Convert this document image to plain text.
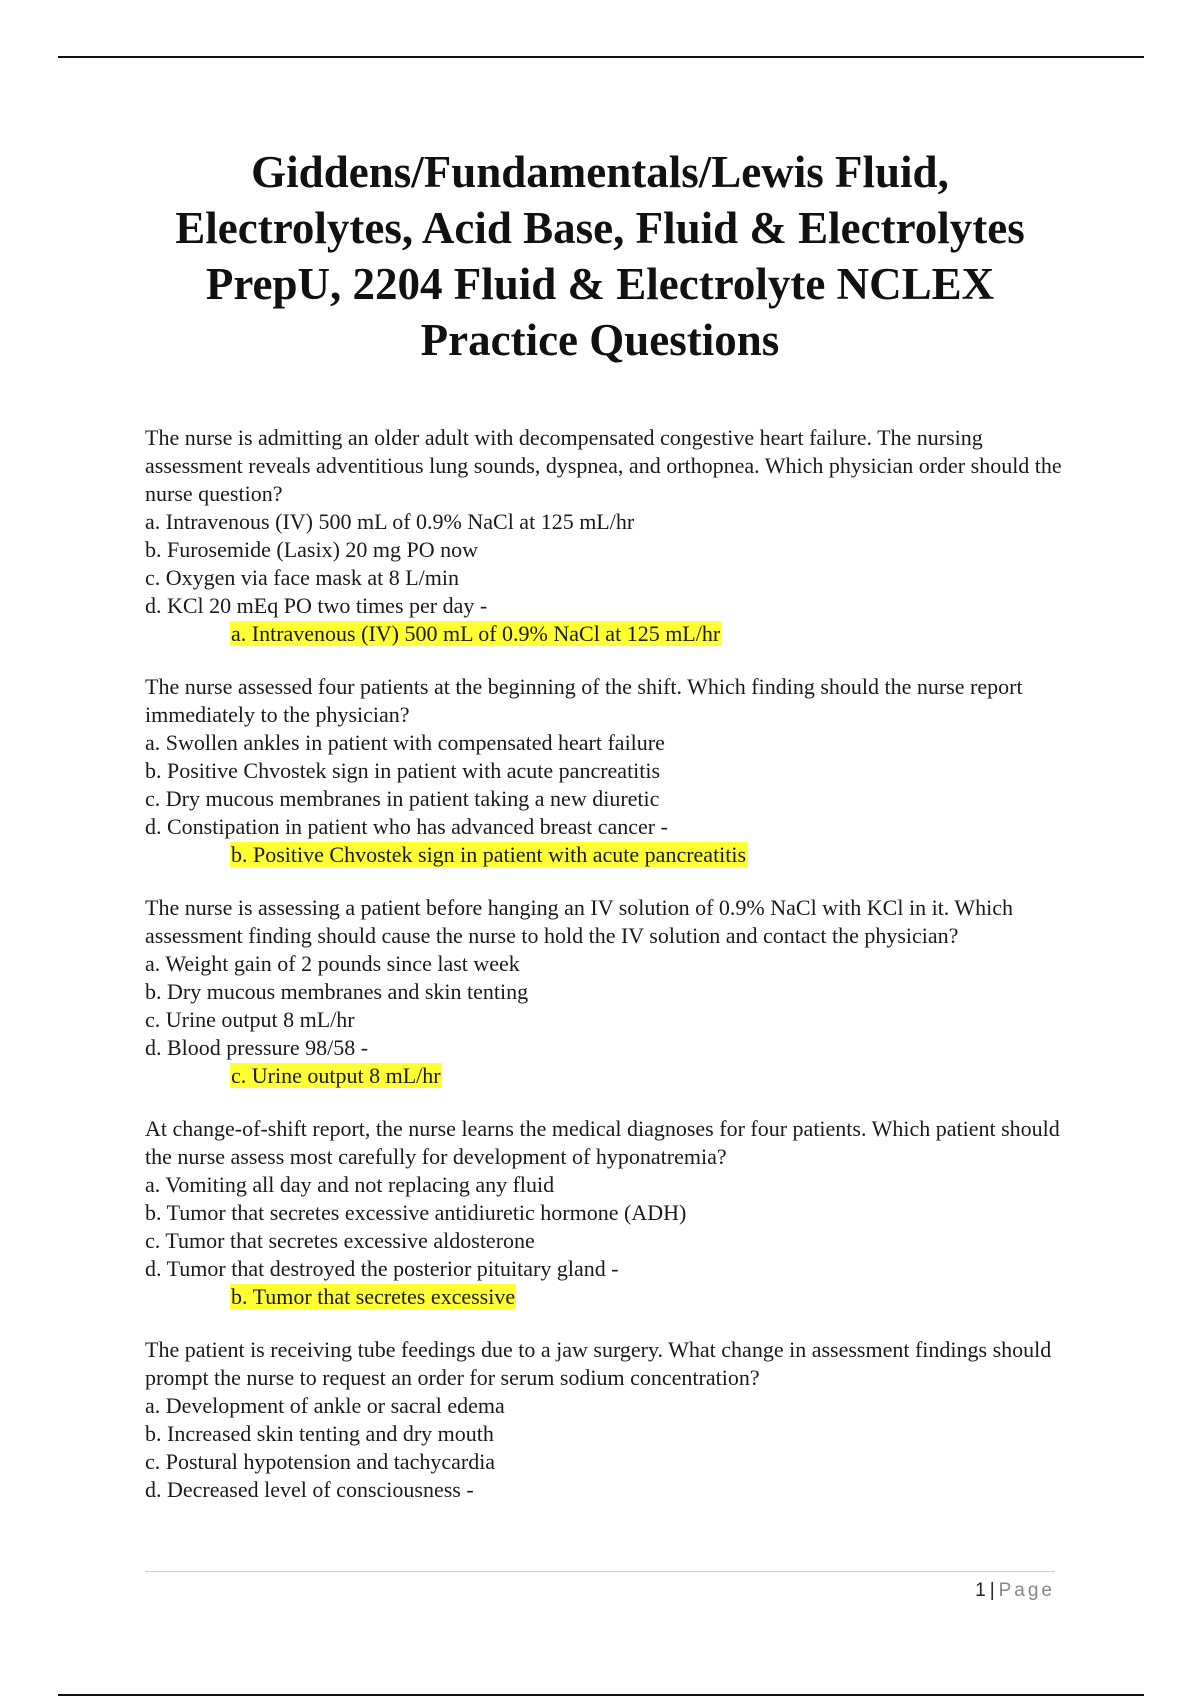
Giddens/Fundamentals/Lewis Fluid, Electrolytes, Acid Base, Fluid & Electrolytes PrepU, 2204 Fluid & Electrolyte NCLEX Practice Questions

The nurse is admitting an older adult with decompensated congestive heart failure. The nursing assessment reveals adventitious lung sounds, dyspnea, and orthopnea. Which physician order should the nurse question?

a. Intravenous (IV) 500 mL of 0.9% NaCl at 125 mL/hr
b. Furosemide (Lasix) 20 mg PO now
c. Oxygen via face mask at 8 L/min
d. KCl 20 mEq PO two times per day -
a. Intravenous (IV) 500 mL of 0.9% NaCl at 125 mL/hr

The nurse assessed four patients at the beginning of the shift. Which finding should the nurse report immediately to the physician?

a. Swollen ankles in patient with compensated heart failure
b. Positive Chvostek sign in patient with acute pancreatitis
c. Dry mucous membranes in patient taking a new diuretic
d. Constipation in patient who has advanced breast cancer -
b. Positive Chvostek sign in patient with acute pancreatitis

The nurse is assessing a patient before hanging an IV solution of 0.9% NaCl with KCl in it. Which assessment finding should cause the nurse to hold the IV solution and contact the physician?

a. Weight gain of 2 pounds since last week
b. Dry mucous membranes and skin tenting
c. Urine output 8 mL/hr
d. Blood pressure 98/58 -
c. Urine output 8 mL/hr

At change-of-shift report, the nurse learns the medical diagnoses for four patients. Which patient should the nurse assess most carefully for development of hyponatremia?

a. Vomiting all day and not replacing any fluid
b. Tumor that secretes excessive antidiuretic hormone (ADH)
c. Tumor that secretes excessive aldosterone
d. Tumor that destroyed the posterior pituitary gland -
b. Tumor that secretes excessive

The patient is receiving tube feedings due to a jaw surgery. What change in assessment findings should prompt the nurse to request an order for serum sodium concentration?

a. Development of ankle or sacral edema
b. Increased skin tenting and dry mouth
c. Postural hypotension and tachycardia
d. Decreased level of consciousness -
1 | Page
